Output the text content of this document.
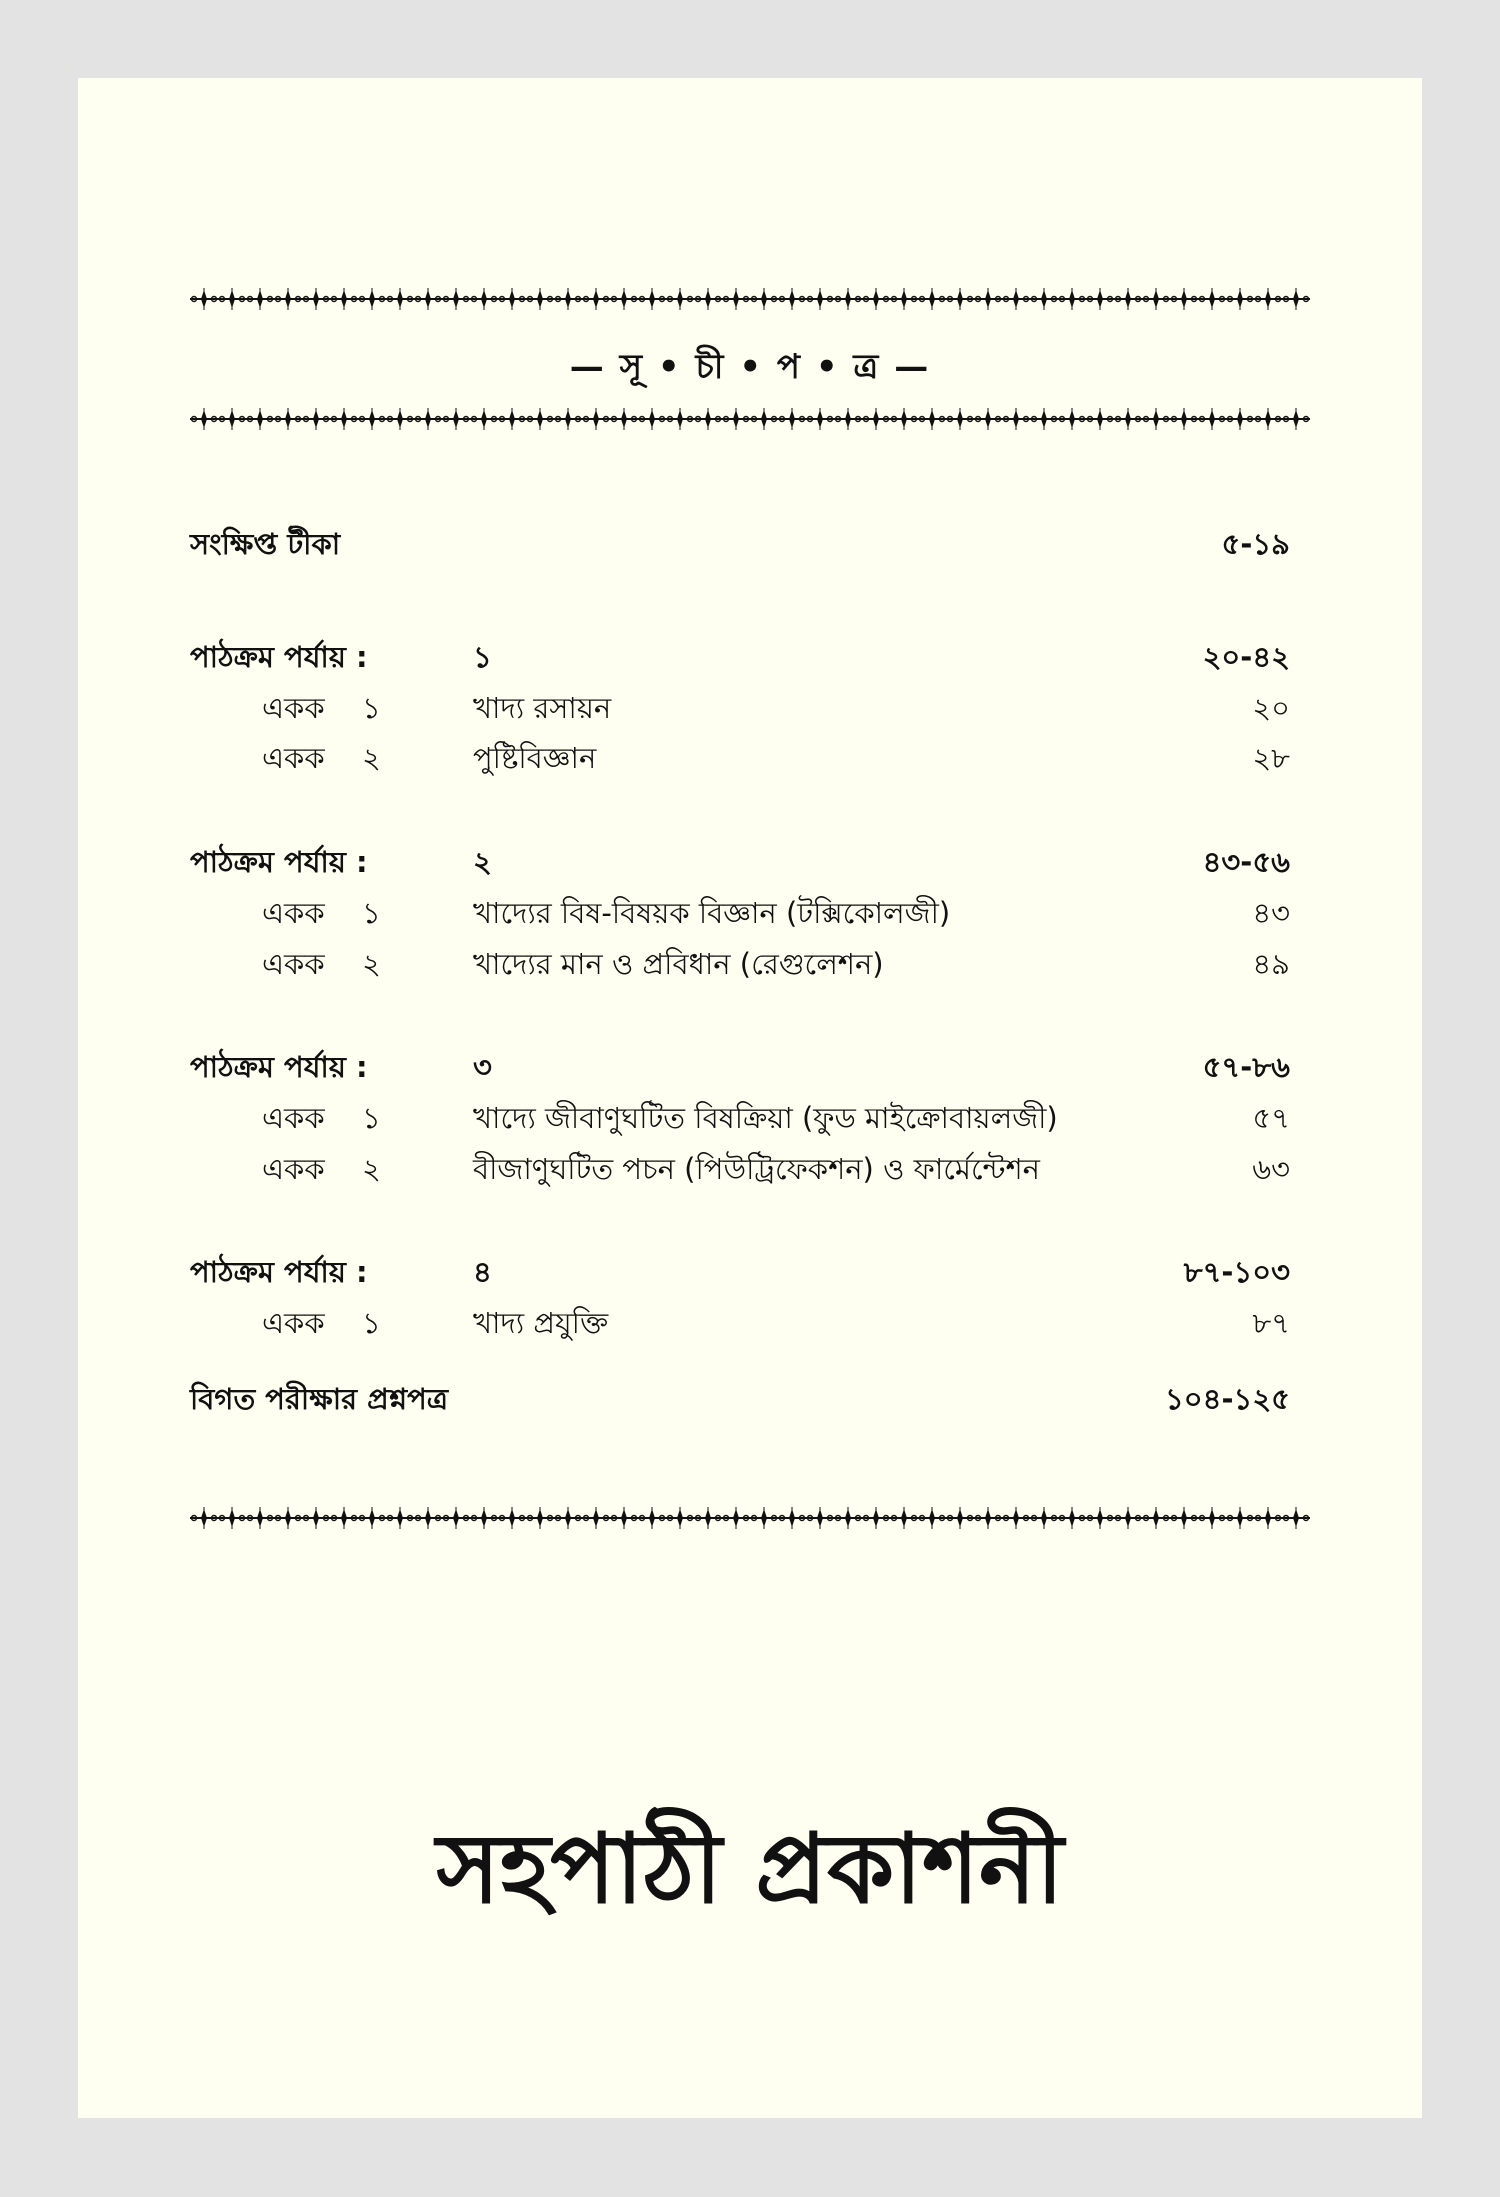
— সূ • চী • প • ত্র —
সংক্ষিপ্ত টীকা	৫-১৯
পাঠক্রম পর্যায় :	১	২০-৪২
একক ১	খাদ্য রসায়ন	২০
একক ২	পুষ্টিবিজ্ঞান	২৮
পাঠক্রম পর্যায় :	২	৪৩-৫৬
একক ১	খাদ্যের বিষ-বিষয়ক বিজ্ঞান (টক্সিকোলজী)	৪৩
একক ২	খাদ্যের মান ও প্রবিধান (রেগুলেশন)	৪৯
পাঠক্রম পর্যায় :	৩	৫৭-৮৬
একক ১	খাদ্যে জীবাণুঘটিত বিষক্রিয়া (ফুড মাইক্রোবায়লজী)	৫৭
একক ২	বীজাণুঘটিত পচন (পিউট্রিফেকশন) ও ফার্মেন্টেশন	৬৩
পাঠক্রম পর্যায় :	৪	৮৭-১০৩
একক ১	খাদ্য প্রযুক্তি	৮৭
বিগত পরীক্ষার প্রশ্নপত্র	১০৪-১২৫
সহপাঠী প্রকাশনী
